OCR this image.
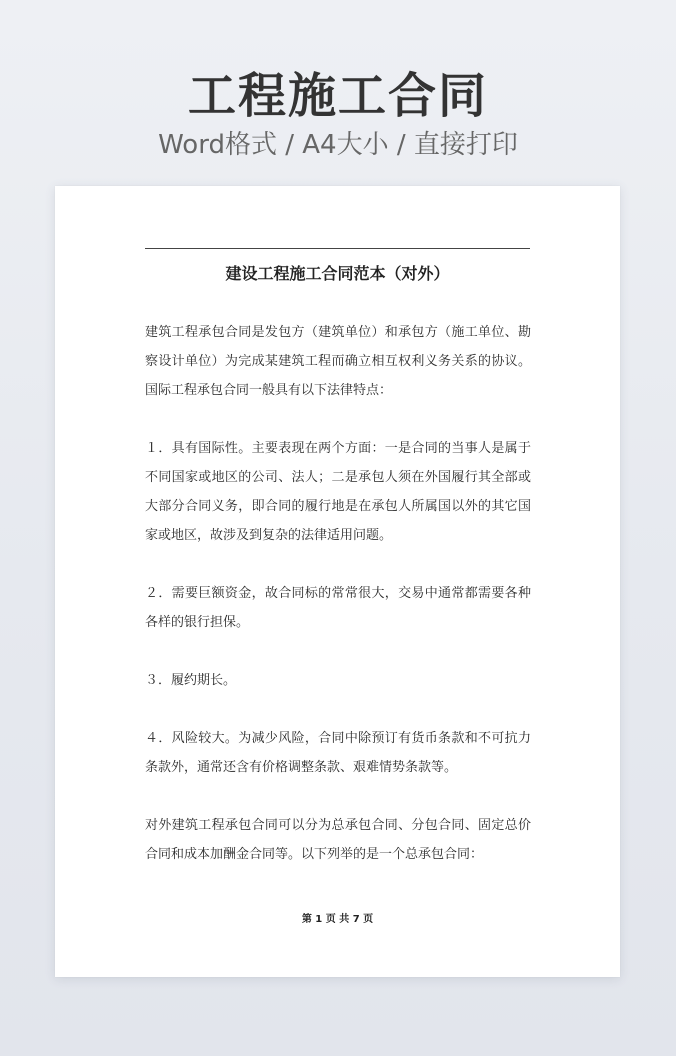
工程施工合同
Word格式 / A4大小 / 直接打印
建设工程施工合同范本（对外）

建筑工程承包合同是发包方（建筑单位）和承包方（施工单位、勘察设计单位）为完成某建筑工程而确立相互权利义务关系的协议。国际工程承包合同一般具有以下法律特点：

１．具有国际性。主要表现在两个方面：一是合同的当事人是属于不同国家或地区的公司、法人；二是承包人须在外国履行其全部或大部分合同义务，即合同的履行地是在承包人所属国以外的其它国家或地区，故涉及到复杂的法律适用问题。

２．需要巨额资金，故合同标的常常很大，交易中通常都需要各种各样的银行担保。

３．履约期长。

４．风险较大。为减少风险，合同中除预订有货币条款和不可抗力条款外，通常还含有价格调整条款、艰难情势条款等。

对外建筑工程承包合同可以分为总承包合同、分包合同、固定总价合同和成本加酬金合同等。以下列举的是一个总承包合同：

第 1 页 共 7 页
